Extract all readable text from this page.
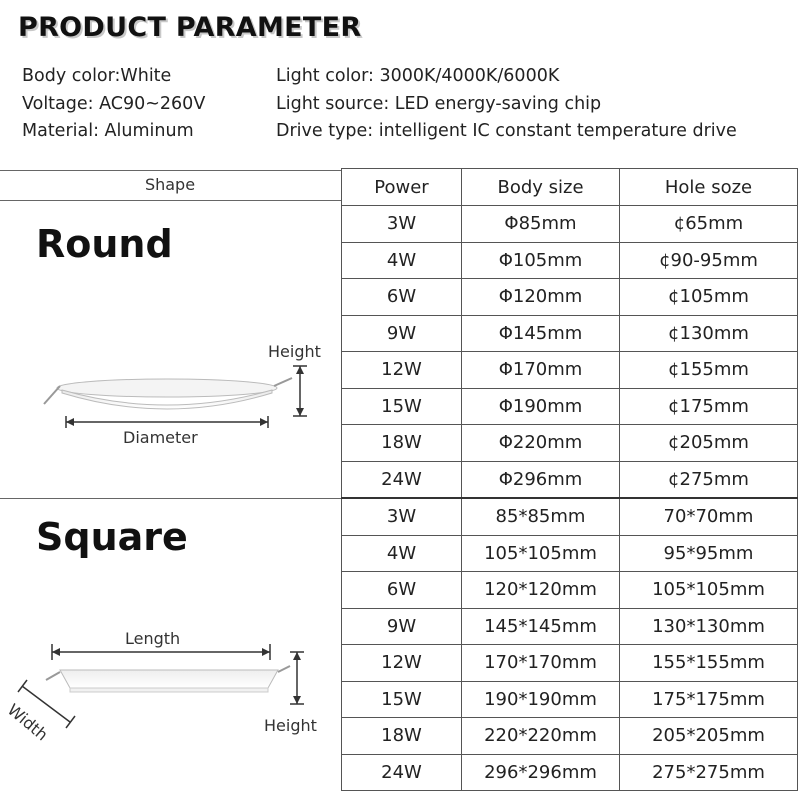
PRODUCT PARAMETER
Body color:White
Voltage: AC90~260V
Material: Aluminum
Light color: 3000K/4000K/6000K
Light source: LED energy-saving chip
Drive type: intelligent IC constant temperature drive
Shape
Round
Square
Height
Diameter
Length
Width	Height
Power	Body size	Hole soze
3W	Φ85mm	¢65mm
4W	Φ105mm	¢90-95mm
6W	Φ120mm	¢105mm
9W	Φ145mm	¢130mm
12W	Φ170mm	¢155mm
15W	Φ190mm	¢175mm
18W	Φ220mm	¢205mm
24W	Φ296mm	¢275mm
3W	85*85mm	70*70mm
4W	105*105mm	95*95mm
6W	120*120mm	105*105mm
9W	145*145mm	130*130mm
12W	170*170mm	155*155mm
15W	190*190mm	175*175mm
18W	220*220mm	205*205mm
24W	296*296mm	275*275mm
